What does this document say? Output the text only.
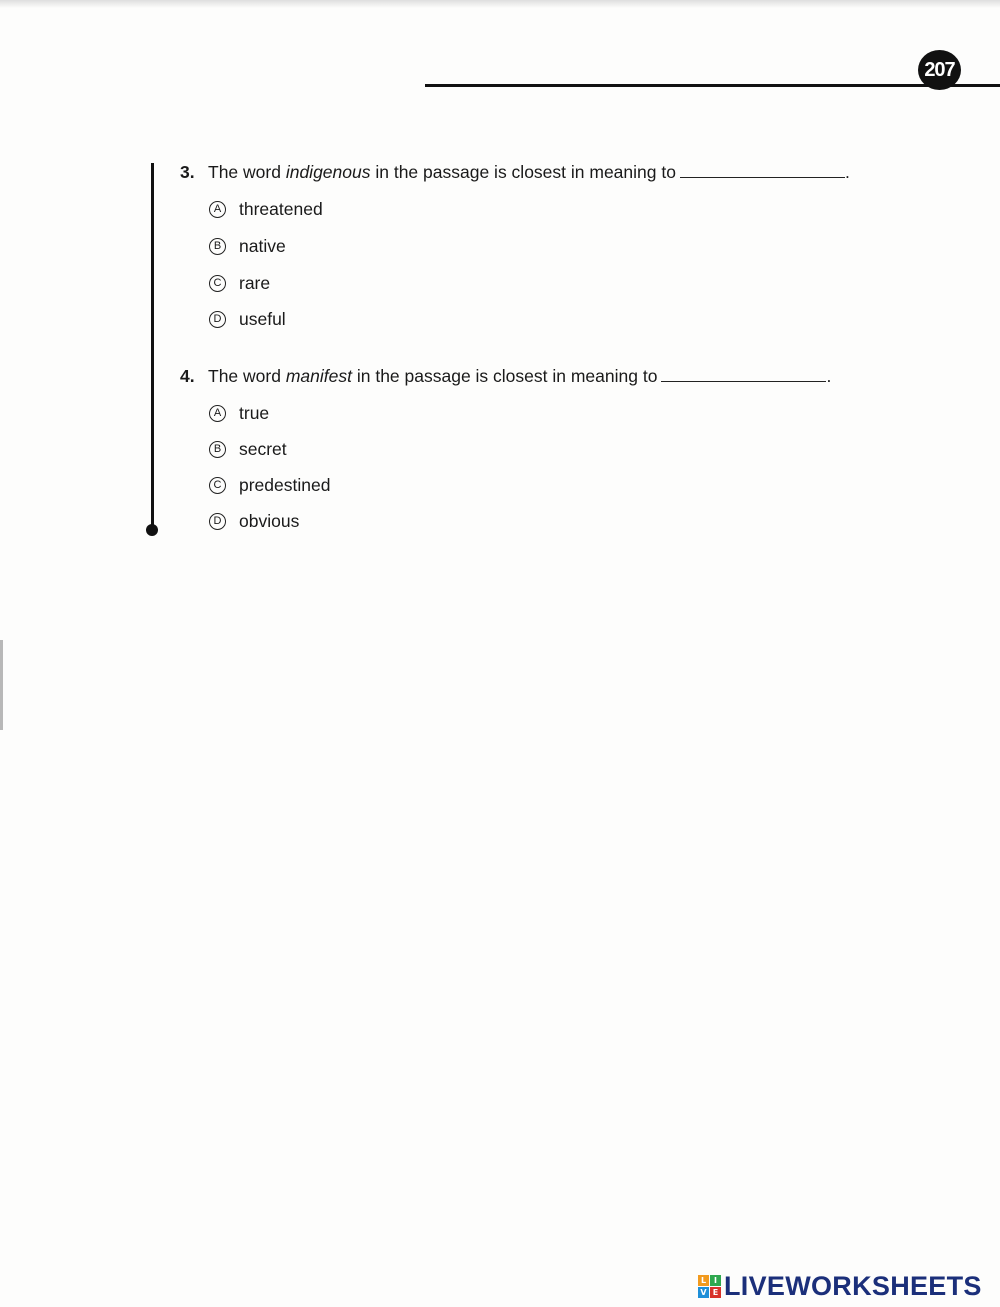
207
3. The word indigenous in the passage is closest in meaning to	.
A threatened
B native
C rare
D useful
4. The word manifest in the passage is closest in meaning to	.
A true
B secret
C predestined
D obvious
L I
V E LIVEWORKSHEETS
